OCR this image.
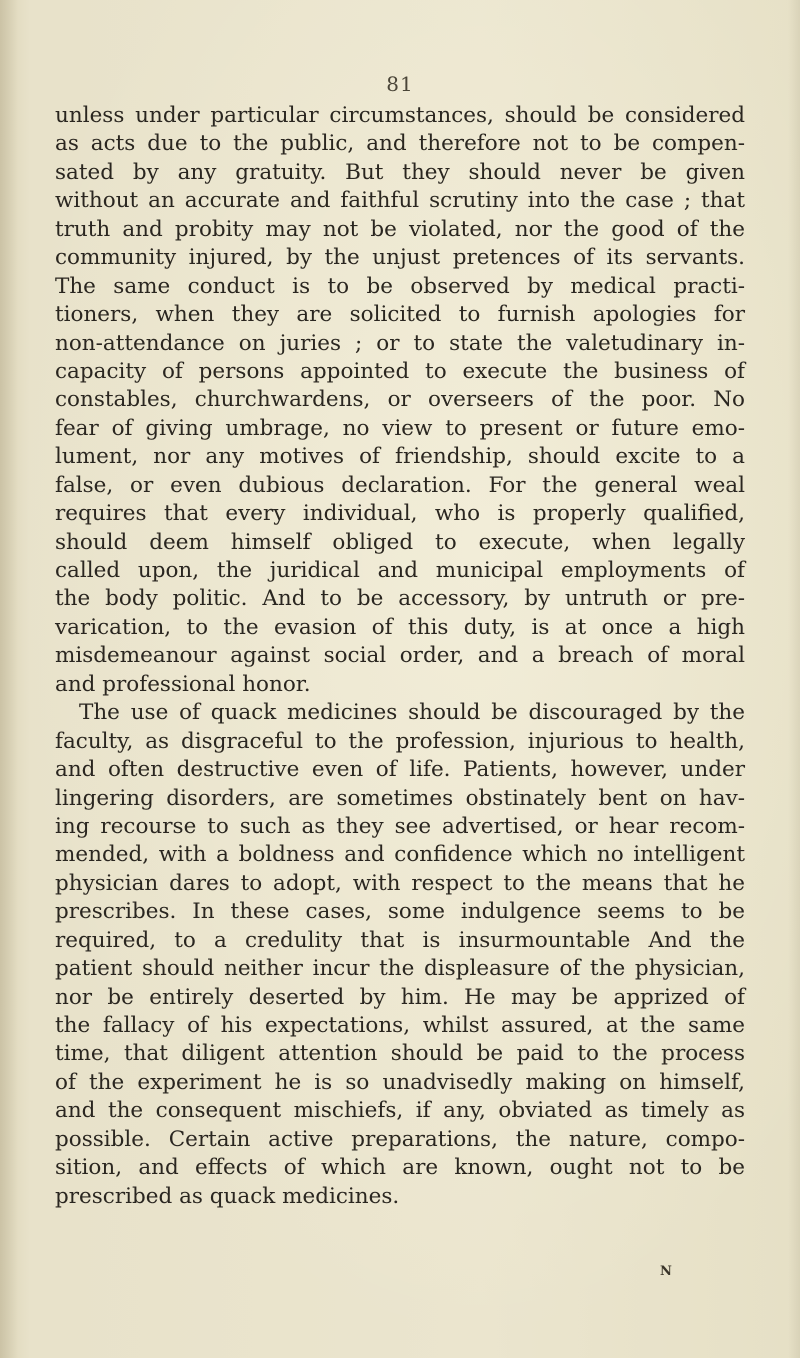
81
unless under particular circumstances, should be considered
as acts due to the public, and therefore not to be compen-
sated by any gratuity. But they should never be given
without an accurate and faithful scrutiny into the case ; that
truth and probity may not be violated, nor the good of the
community injured, by the unjust pretences of its servants.
The same conduct is to be observed by medical practi-
tioners, when they are solicited to furnish apologies for
non-attendance on juries ; or to state the valetudinary in-
capacity of persons appointed to execute the business of
constables, churchwardens, or overseers of the poor. No
fear of giving umbrage, no view to present or future emo-
lument, nor any motives of friendship, should excite to a
false, or even dubious declaration. For the general weal
requires that every individual, who is properly qualified,
should deem himself obliged to execute, when legally
called upon, the juridical and municipal employments of
the body politic. And to be accessory, by untruth or pre-
varication, to the evasion of this duty, is at once a high
misdemeanour against social order, and a breach of moral
and professional honor.
The use of quack medicines should be discouraged by the
faculty, as disgraceful to the profession, injurious to health,
and often destructive even of life. Patients, however, under
lingering disorders, are sometimes obstinately bent on hav-
ing recourse to such as they see advertised, or hear recom-
mended, with a boldness and confidence which no intelligent
physician dares to adopt, with respect to the means that he
prescribes. In these cases, some indulgence seems to be
required, to a credulity that is insurmountable And the
patient should neither incur the displeasure of the physician,
nor be entirely deserted by him. He may be apprized of
the fallacy of his expectations, whilst assured, at the same
time, that diligent attention should be paid to the process
of the experiment he is so unadvisedly making on himself,
and the consequent mischiefs, if any, obviated as timely as
possible. Certain active preparations, the nature, compo-
sition, and effects of which are known, ought not to be
prescribed as quack medicines.
N
